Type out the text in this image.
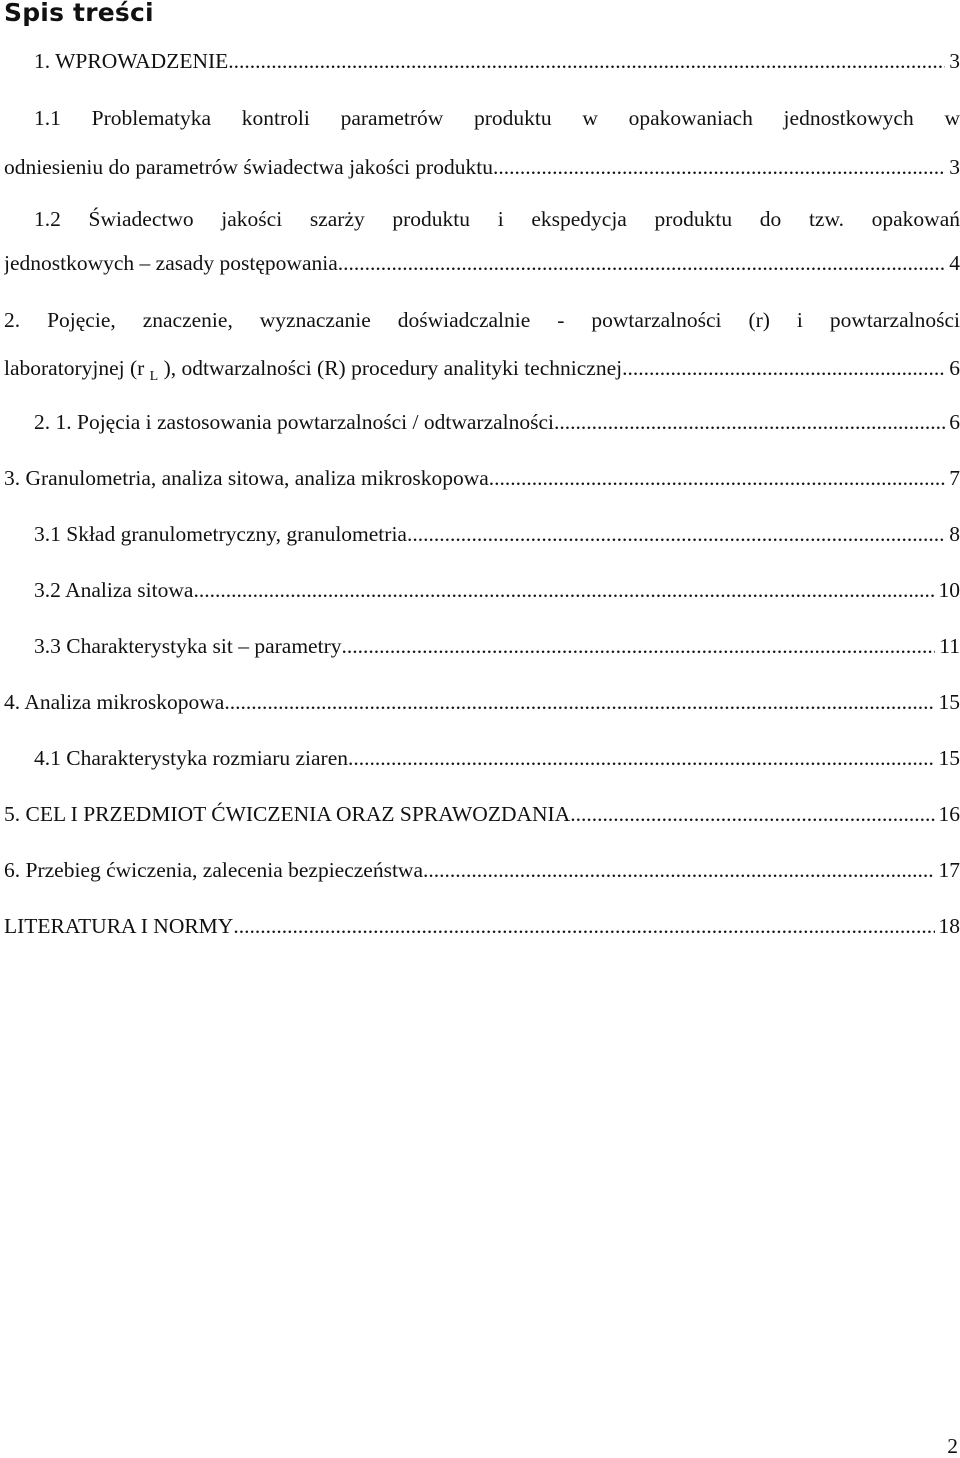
Spis treści
1. WPROWADZENIE .....	3
1.1 Problematyka kontroli parametrów produktu w opakowaniach jednostkowych w
odniesieniu do parametrów świadectwa jakości produktu .....	3
1.2 Świadectwo jakości szarży produktu i ekspedycja produktu do tzw. opakowań
jednostkowych – zasady postępowania .....	4
2. Pojęcie, znaczenie, wyznaczanie doświadczalnie - powtarzalności (r) i powtarzalności
laboratoryjnej (r $_L$ ), odtwarzalności (R) procedury analityki technicznej .....	6
2. 1. Pojęcia i zastosowania powtarzalności / odtwarzalności .....	6
3. Granulometria, analiza sitowa, analiza mikroskopowa .....	7
3.1 Skład granulometryczny, granulometria .....	8
3.2 Analiza sitowa .....	10
3.3 Charakterystyka sit – parametry .....	11
4. Analiza mikroskopowa .....	15
4.1 Charakterystyka rozmiaru ziaren .....	15
5. CEL I PRZEDMIOT ĆWICZENIA ORAZ SPRAWOZDANIA .....	16
6. Przebieg ćwiczenia, zalecenia bezpieczeństwa .....	17
LITERATURA I NORMY .....	18
2
